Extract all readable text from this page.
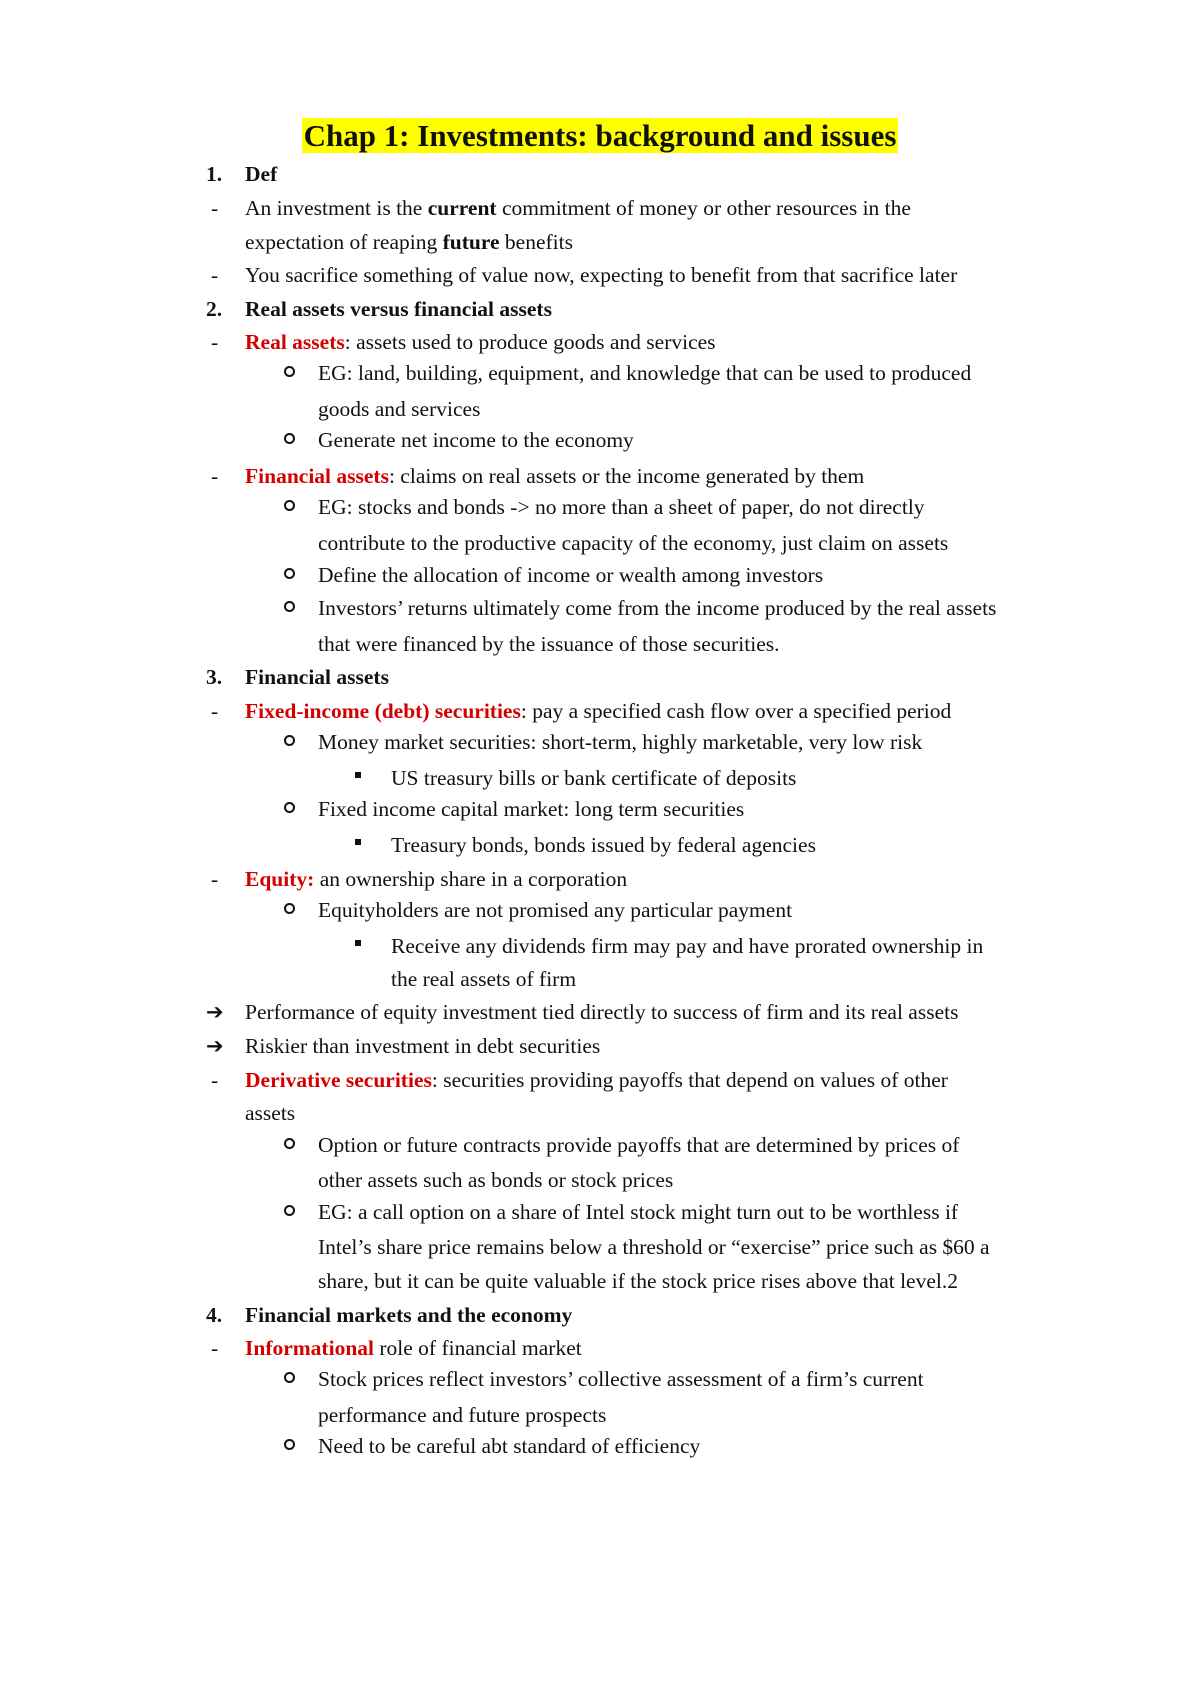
Chap 1: Investments: background and issues
1. Def
- An investment is the current commitment of money or other resources in the
expectation of reaping future benefits
- You sacrifice something of value now, expecting to benefit from that sacrifice later
2. Real assets versus financial assets
- Real assets: assets used to produce goods and services
EG: land, building, equipment, and knowledge that can be used to produced
goods and services
Generate net income to the economy
- Financial assets: claims on real assets or the income generated by them
EG: stocks and bonds -> no more than a sheet of paper, do not directly
contribute to the productive capacity of the economy, just claim on assets
Define the allocation of income or wealth among investors
Investors’ returns ultimately come from the income produced by the real assets
that were financed by the issuance of those securities.
3. Financial assets
- Fixed-income (debt) securities: pay a specified cash flow over a specified period
Money market securities: short-term, highly marketable, very low risk
US treasury bills or bank certificate of deposits
Fixed income capital market: long term securities
Treasury bonds, bonds issued by federal agencies
- Equity: an ownership share in a corporation
Equityholders are not promised any particular payment
Receive any dividends firm may pay and have prorated ownership in
the real assets of firm
➔ Performance of equity investment tied directly to success of firm and its real assets
➔ Riskier than investment in debt securities
- Derivative securities: securities providing payoffs that depend on values of other
assets
Option or future contracts provide payoffs that are determined by prices of
other assets such as bonds or stock prices
EG: a call option on a share of Intel stock might turn out to be worthless if
Intel’s share price remains below a threshold or “exercise” price such as $60 a
share, but it can be quite valuable if the stock price rises above that level.2
4. Financial markets and the economy
- Informational role of financial market
Stock prices reflect investors’ collective assessment of a firm’s current
performance and future prospects
Need to be careful abt standard of efficiency
